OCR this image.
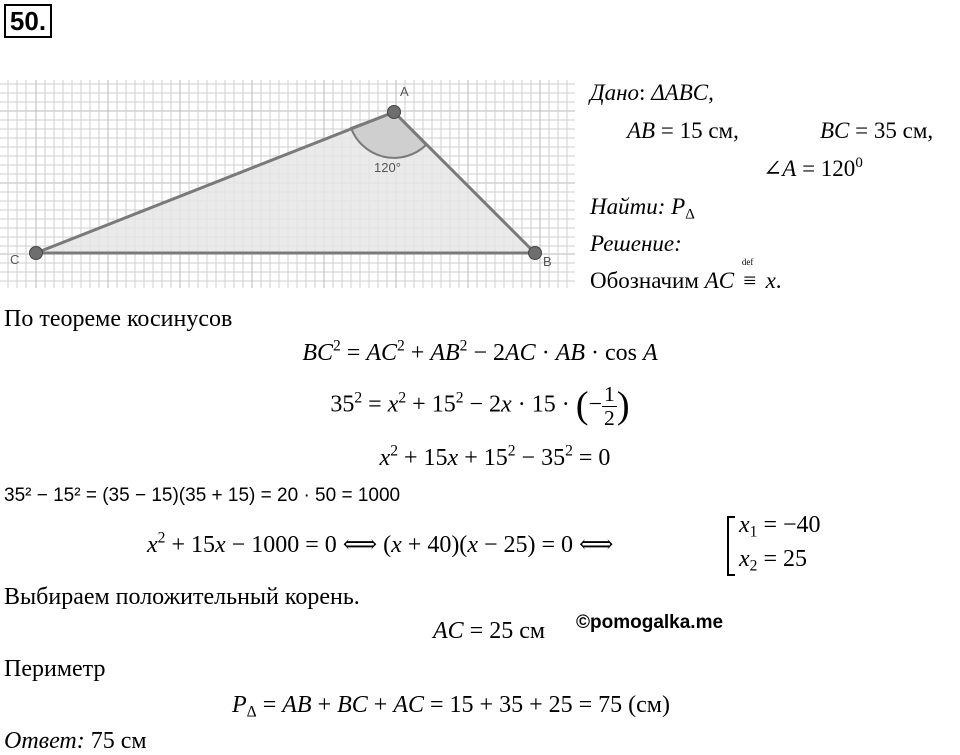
50.
A
B
C
120°
Дано: ΔABC,
AB = 15 см,	BC = 35 см,
∠A = $120^0$
Найти: $P_\Delta$
Решение:
Обозначим AC
def
≡ x.
По теореме косинусов
$BC^2 = AC^2 + AB^2 - 2AC$ · AB · cos A
$35^2 = x^2 + 15^2 - 2x \cdot 15$ · (− $\frac{1}{2}$ )
$x^2 + 15x + 15^2 - 35^2 = 0$
35² − 15² = (35 − 15)(35 + 15) = 20 · 50 = 1000
$x^2 + 15x - 1000 = 0$ ⟺ (x + 40)(x − 25) = 0 ⟺
$x_1 = -40$
$x_2 = 25$
Выбираем положительный корень.
AC = 25 см ©pomogalka.me
Периметр
$P_\Delta$ = AB + BC + AC = 15 + 35 + 25 = 75 (см)
Ответ: 75 см
